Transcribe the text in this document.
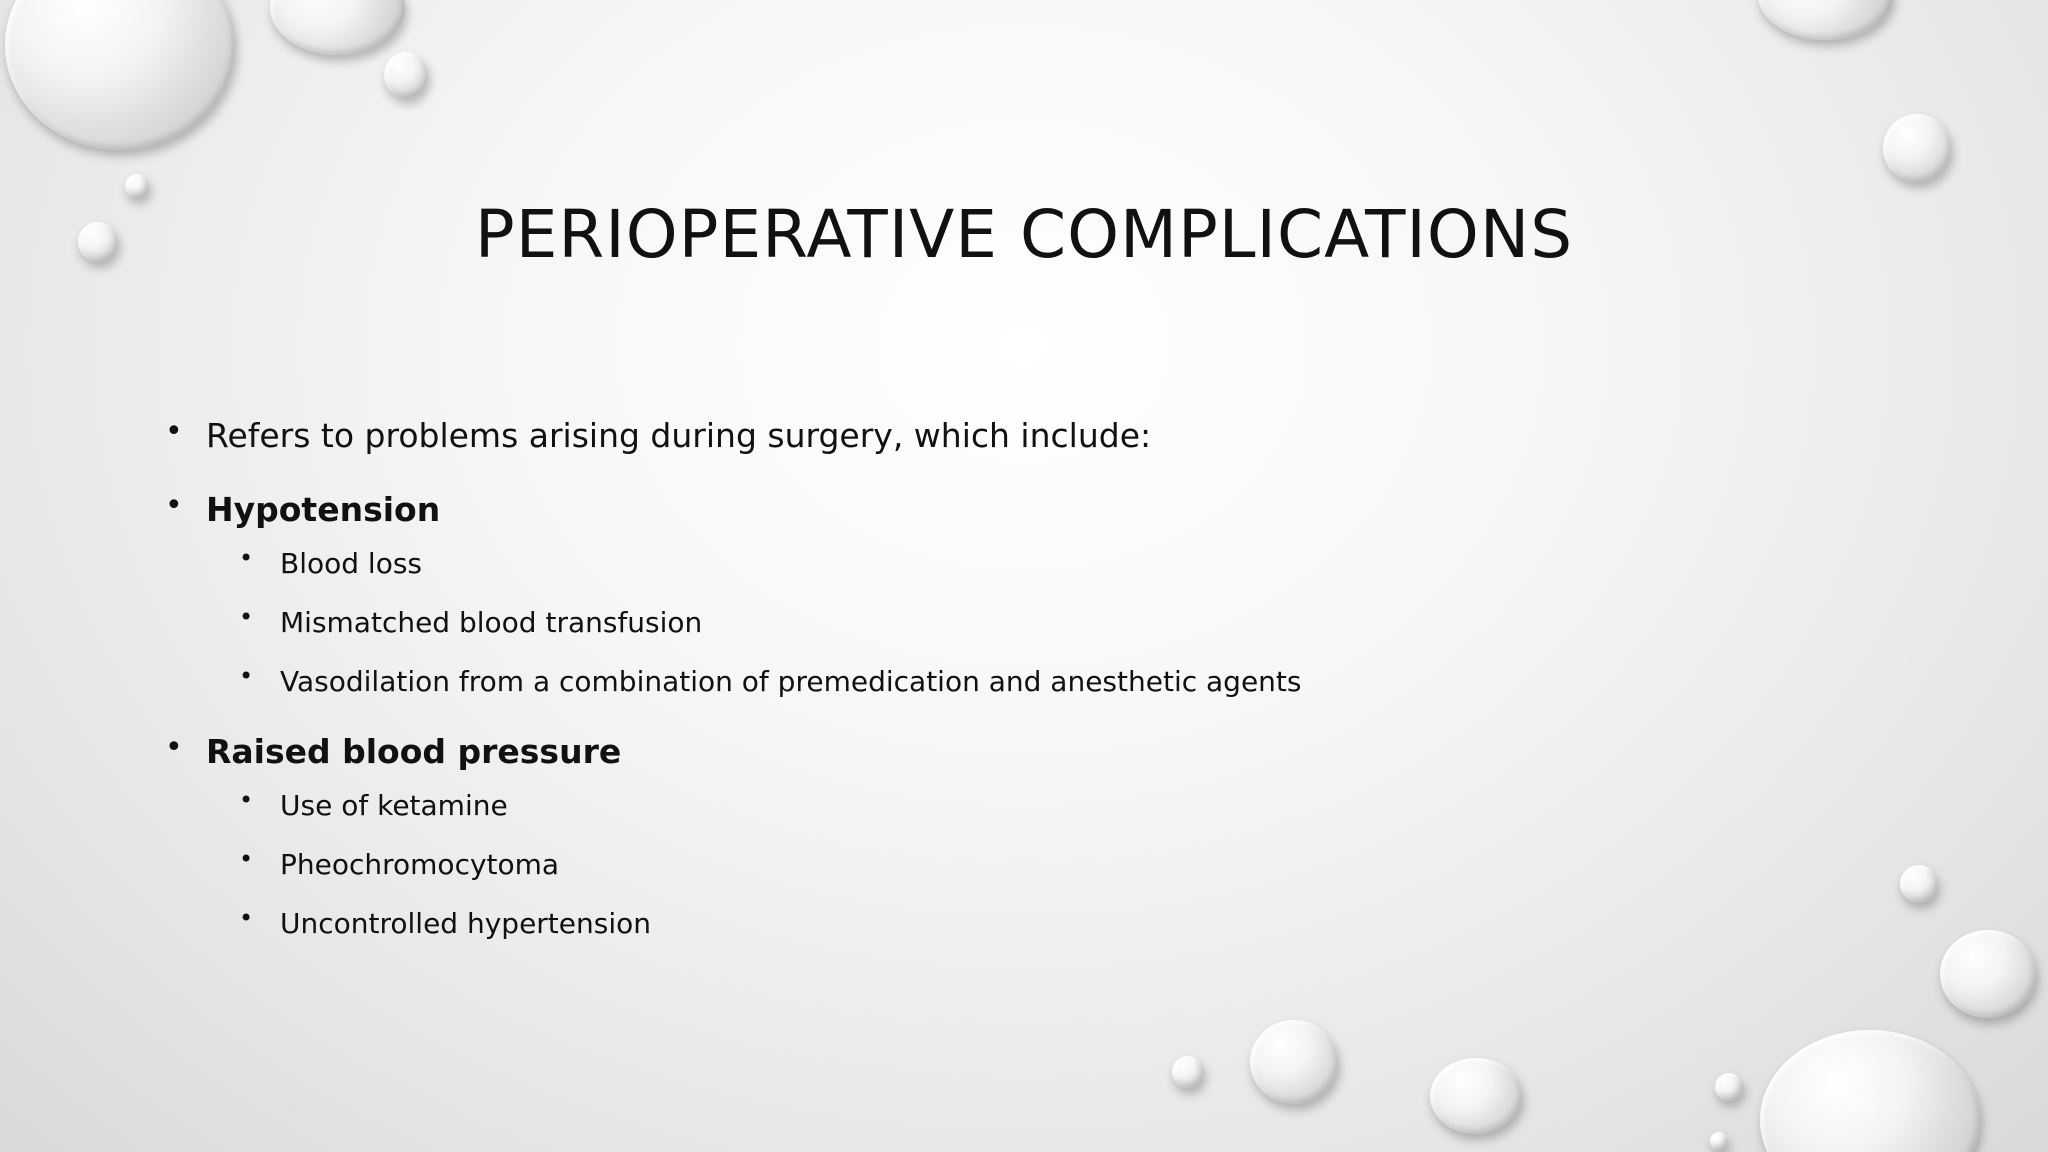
PERIOPERATIVE COMPLICATIONS
• Refers to problems arising during surgery, which include:
• Hypotension
• Blood loss
• Mismatched blood transfusion
• Vasodilation from a combination of premedication and anesthetic agents
• Raised blood pressure
• Use of ketamine
• Pheochromocytoma
• Uncontrolled hypertension
